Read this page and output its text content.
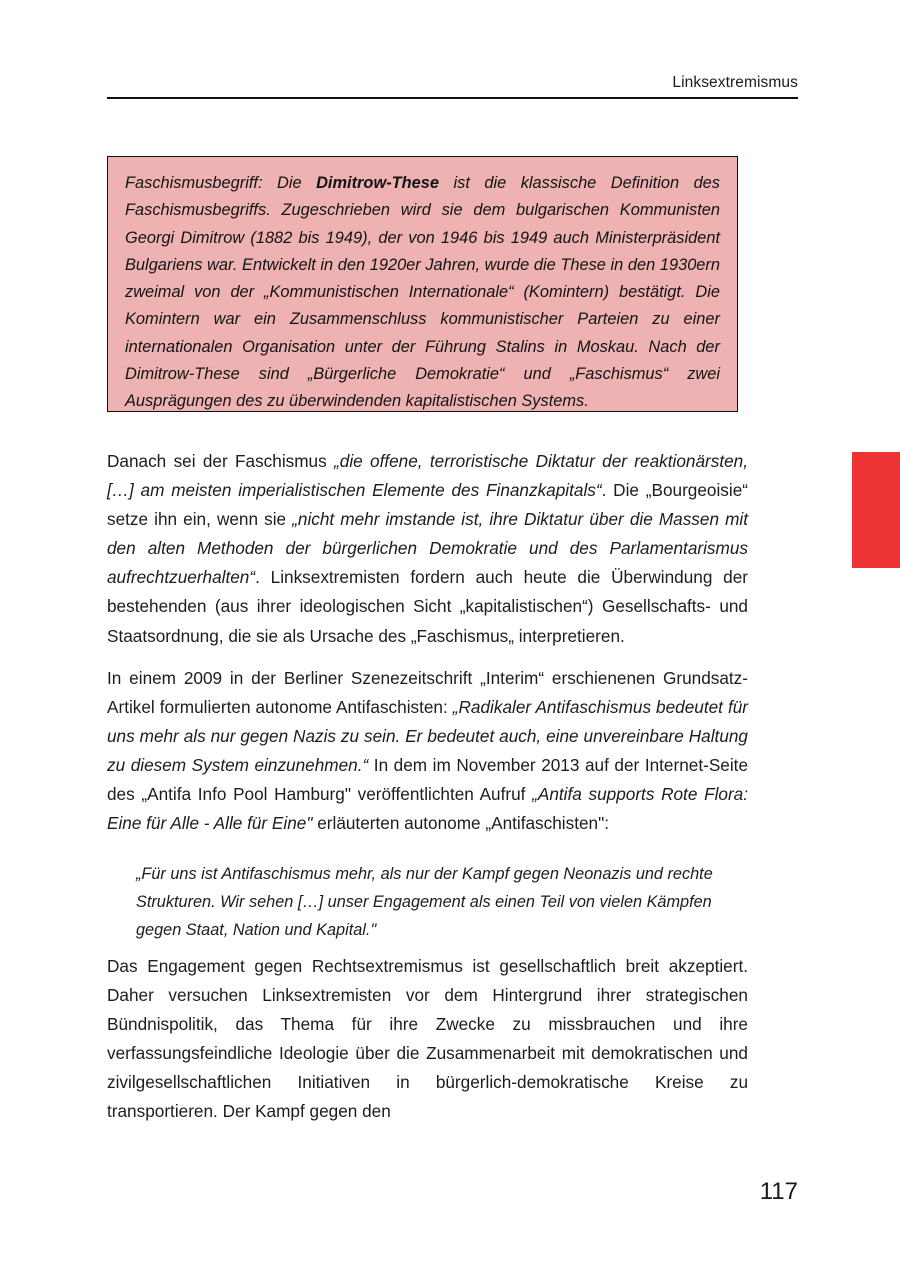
Linksextremismus

Faschismusbegriff: Die Dimitrow-These ist die klassische Definition des Faschismusbegriffs. Zugeschrieben wird sie dem bulgarischen Kommunisten Georgi Dimitrow (1882 bis 1949), der von 1946 bis 1949 auch Ministerpräsident Bulgariens war. Entwickelt in den 1920er Jahren, wurde die These in den 1930ern zweimal von der „Kommunistischen Internationale“ (Komintern) bestätigt. Die Komintern war ein Zusammenschluss kommunistischer Parteien zu einer internationalen Organisation unter der Führung Stalins in Moskau. Nach der Dimitrow-These sind „Bürgerliche Demokratie“ und „Faschismus“ zwei Ausprägungen des zu überwindenden kapitalistischen Systems.

Danach sei der Faschismus „die offene, terroristische Diktatur der reaktionärsten, […] am meisten imperialistischen Elemente des Finanzkapitals“. Die „Bourgeoisie“ setze ihn ein, wenn sie „nicht mehr imstande ist, ihre Diktatur über die Massen mit den alten Methoden der bürgerlichen Demokratie und des Parlamentarismus aufrechtzuerhalten“. Linksextremisten fordern auch heute die Überwindung der bestehenden (aus ihrer ideologischen Sicht „kapitalistischen“) Gesellschafts- und Staatsordnung, die sie als Ursache des „Faschismus„ interpretieren.
In einem 2009 in der Berliner Szenezeitschrift „Interim“ erschienenen Grundsatz-Artikel formulierten autonome Antifaschisten: „Radikaler Antifaschismus bedeutet für uns mehr als nur gegen Nazis zu sein. Er bedeutet auch, eine unvereinbare Haltung zu diesem System einzunehmen.“ In dem im November 2013 auf der Internet-Seite des „Antifa Info Pool Hamburg" veröffentlichten Aufruf „Antifa supports Rote Flora: Eine für Alle - Alle für Eine" erläuterten autonome „Antifaschisten":
„Für uns ist Antifaschismus mehr, als nur der Kampf gegen Neonazis und rechte Strukturen. Wir sehen […] unser Engagement als einen Teil von vielen Kämpfen gegen Staat, Nation und Kapital."
Das Engagement gegen Rechtsextremismus ist gesellschaftlich breit akzeptiert. Daher versuchen Linksextremisten vor dem Hintergrund ihrer strategischen Bündnispolitik, das Thema für ihre Zwecke zu missbrauchen und ihre verfassungsfeindliche Ideologie über die Zusammenarbeit mit demokratischen und zivilgesellschaftlichen Initiativen in bürgerlich-demokratische Kreise zu transportieren. Der Kampf gegen den
117
